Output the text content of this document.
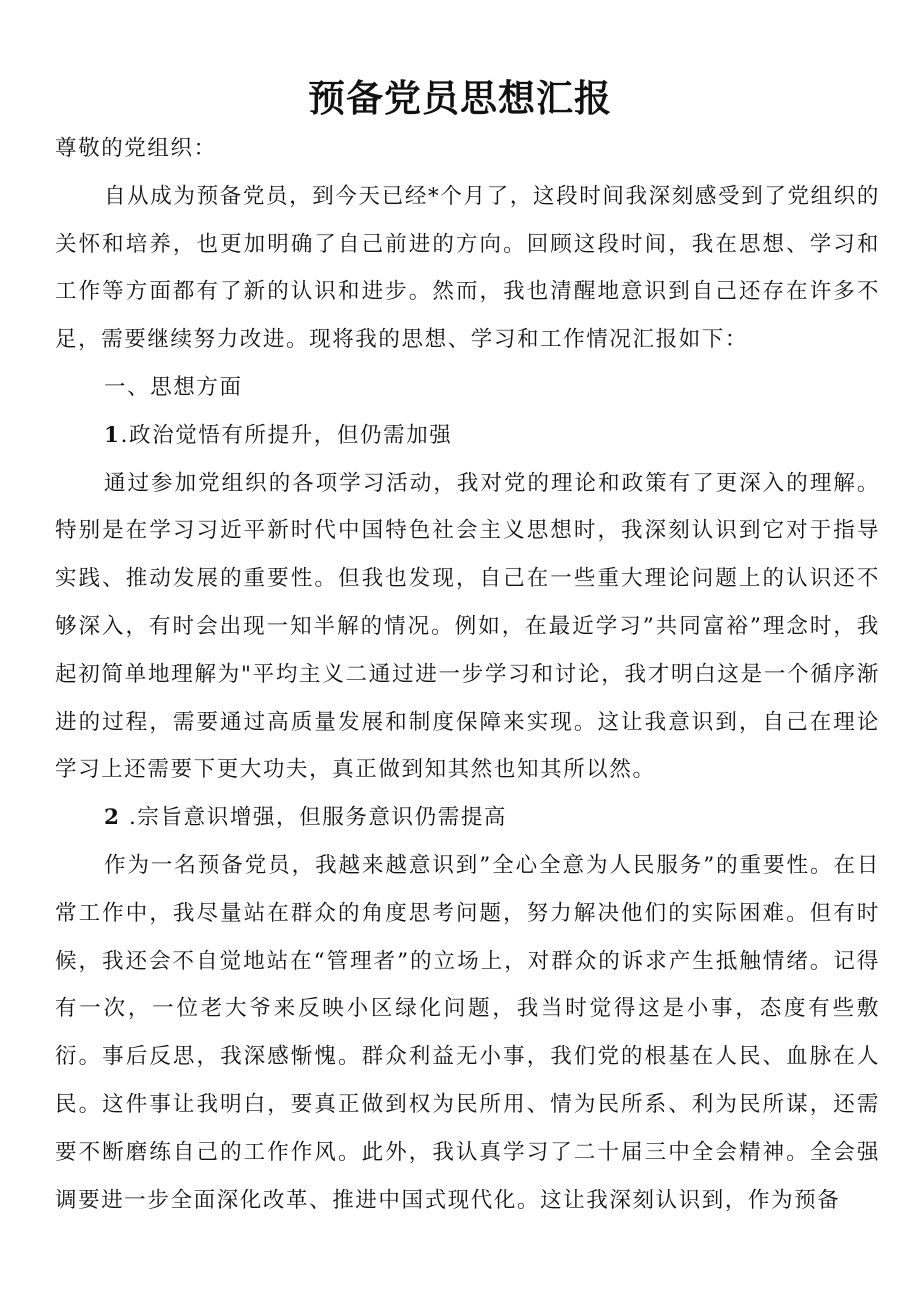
预备党员思想汇报

尊敬的党组织：

自从成为预备党员，到今天已经*个月了，这段时间我深刻感受到了党组织的关怀和培养，也更加明确了自己前进的方向。回顾这段时间，我在思想、学习和工作等方面都有了新的认识和进步。然而，我也清醒地意识到自己还存在许多不足，需要继续努力改进。现将我的思想、学习和工作情况汇报如下：

一、思想方面

1.政治觉悟有所提升，但仍需加强

通过参加党组织的各项学习活动，我对党的理论和政策有了更深入的理解。特别是在学习习近平新时代中国特色社会主义思想时，我深刻认识到它对于指导实践、推动发展的重要性。但我也发现，自己在一些重大理论问题上的认识还不够深入，有时会出现一知半解的情况。例如，在最近学习”共同富裕”理念时，我起初简单地理解为"平均主义二通过进一步学习和讨论，我才明白这是一个循序渐进的过程，需要通过高质量发展和制度保障来实现。这让我意识到，自己在理论学习上还需要下更大功夫，真正做到知其然也知其所以然。

2 .宗旨意识增强，但服务意识仍需提高

作为一名预备党员，我越来越意识到”全心全意为人民服务”的重要性。在日常工作中，我尽量站在群众的角度思考问题，努力解决他们的实际困难。但有时候，我还会不自觉地站在“管理者”的立场上，对群众的诉求产生抵触情绪。记得有一次，一位老大爷来反映小区绿化问题，我当时觉得这是小事，态度有些敷衍。事后反思，我深感惭愧。群众利益无小事，我们党的根基在人民、血脉在人民。这件事让我明白，要真正做到权为民所用、情为民所系、利为民所谋，还需要不断磨练自己的工作作风。此外，我认真学习了二十届三中全会精神。全会强调要进一步全面深化改革、推进中国式现代化。这让我深刻认识到，作为预备
